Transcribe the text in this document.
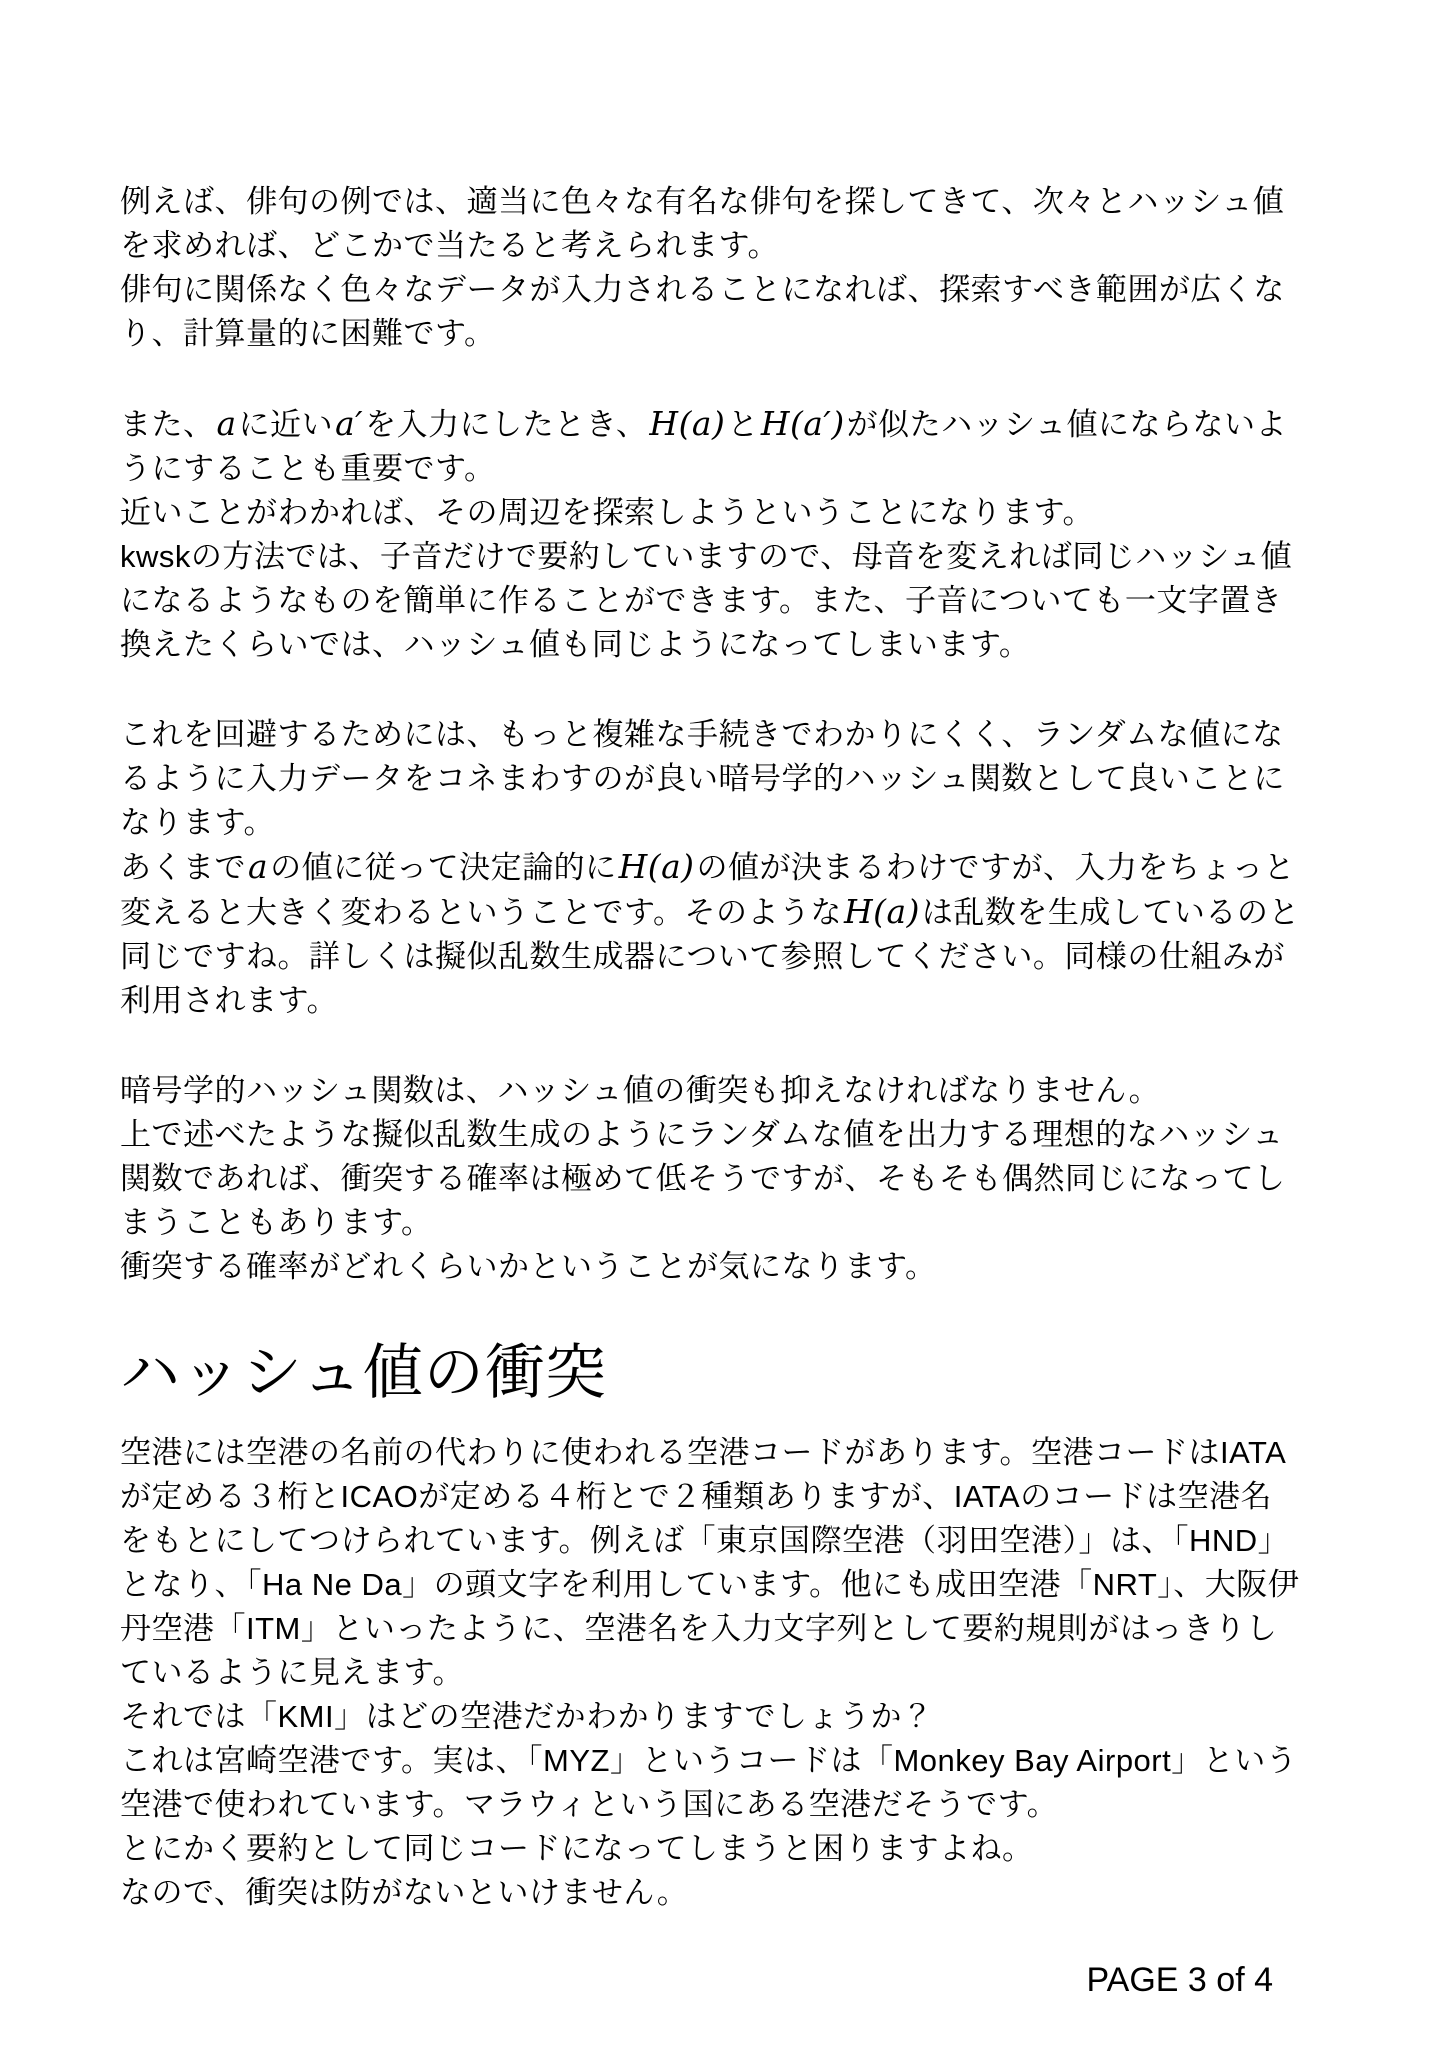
例えば、俳句の例では、適当に色々な有名な俳句を探してきて、次々とハッシュ値を求めれば、どこかで当たると考えられます。
俳句に関係なく色々なデータが入力されることになれば、探索すべき範囲が広くなり、計算量的に困難です。
また、aに近いa′を入力にしたとき、H(a)とH(a′)が似たハッシュ値にならないようにすることも重要です。
近いことがわかれば、その周辺を探索しようということになります。
kwskの方法では、子音だけで要約していますので、母音を変えれば同じハッシュ値になるようなものを簡単に作ることができます。また、子音についても一文字置き換えたくらいでは、ハッシュ値も同じようになってしまいます。
これを回避するためには、もっと複雑な手続きでわかりにくく、ランダムな値になるように入力データをコネまわすのが良い暗号学的ハッシュ関数として良いことになります。
あくまでaの値に従って決定論的にH(a)の値が決まるわけですが、入力をちょっと変えると大きく変わるということです。そのようなH(a)は乱数を生成しているのと同じですね。詳しくは擬似乱数生成器について参照してください。同様の仕組みが利用されます。
暗号学的ハッシュ関数は、ハッシュ値の衝突も抑えなければなりません。
上で述べたような擬似乱数生成のようにランダムな値を出力する理想的なハッシュ関数であれば、衝突する確率は極めて低そうですが、そもそも偶然同じになってしまうこともあります。
衝突する確率がどれくらいかということが気になります。
ハッシュ値の衝突
空港には空港の名前の代わりに使われる空港コードがあります。空港コードはIATAが定める３桁とICAOが定める４桁とで２種類ありますが、IATAのコードは空港名をもとにしてつけられています。例えば「東京国際空港（羽田空港）」は、「HND」となり、「Ha Ne Da」の頭文字を利用しています。他にも成田空港「NRT」、大阪伊丹空港「ITM」といったように、空港名を入力文字列として要約規則がはっきりしているように見えます。
それでは「KMI」はどの空港だかわかりますでしょうか？
これは宮崎空港です。実は、「MYZ」というコードは「Monkey Bay Airport」という空港で使われています。マラウィという国にある空港だそうです。
とにかく要約として同じコードになってしまうと困りますよね。
なので、衝突は防がないといけません。
PAGE 3 of 4
